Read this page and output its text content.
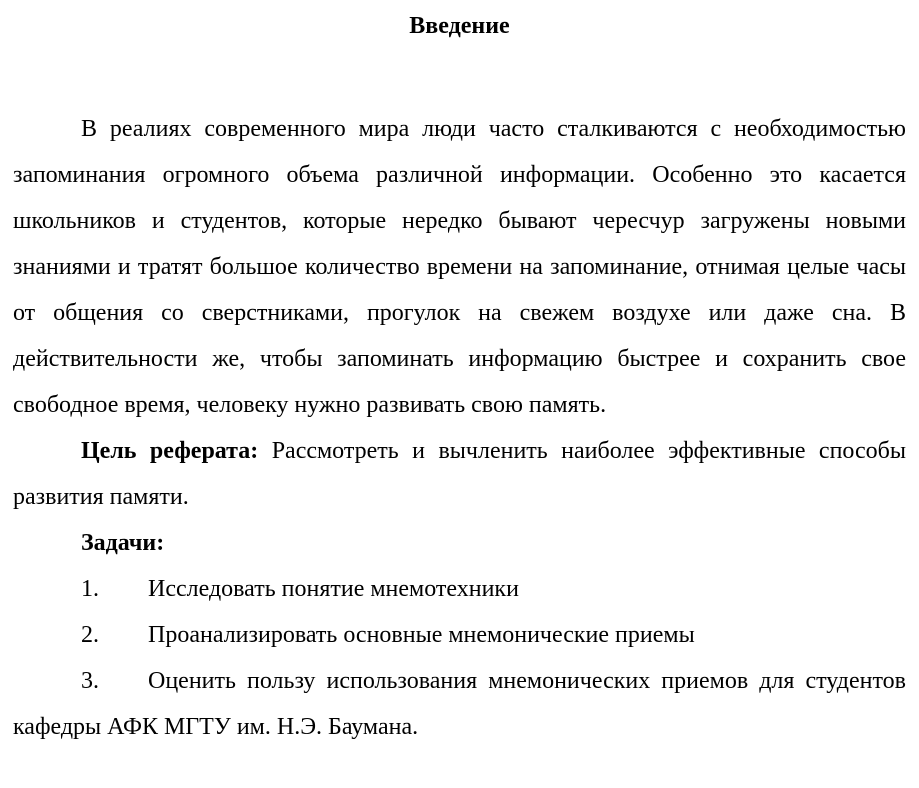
Введение

В реалиях современного мира люди часто сталкиваются с необходимостью запоминания огромного объема различной информации. Особенно это касается школьников и студентов, которые нередко бывают чересчур загружены новыми знаниями и тратят большое количество времени на запоминание, отнимая целые часы от общения со сверстниками, прогулок на свежем воздухе или даже сна. В действительности же, чтобы запоминать информацию быстрее и сохранить свое свободное время, человеку нужно развивать свою память.

Цель реферата: Рассмотреть и вычленить наиболее эффективные способы развития памяти.

Задачи:

1. Исследовать понятие мнемотехники

2. Проанализировать основные мнемонические приемы

3. Оценить пользу использования мнемонических приемов для студентов кафедры АФК МГТУ им. Н.Э. Баумана.
